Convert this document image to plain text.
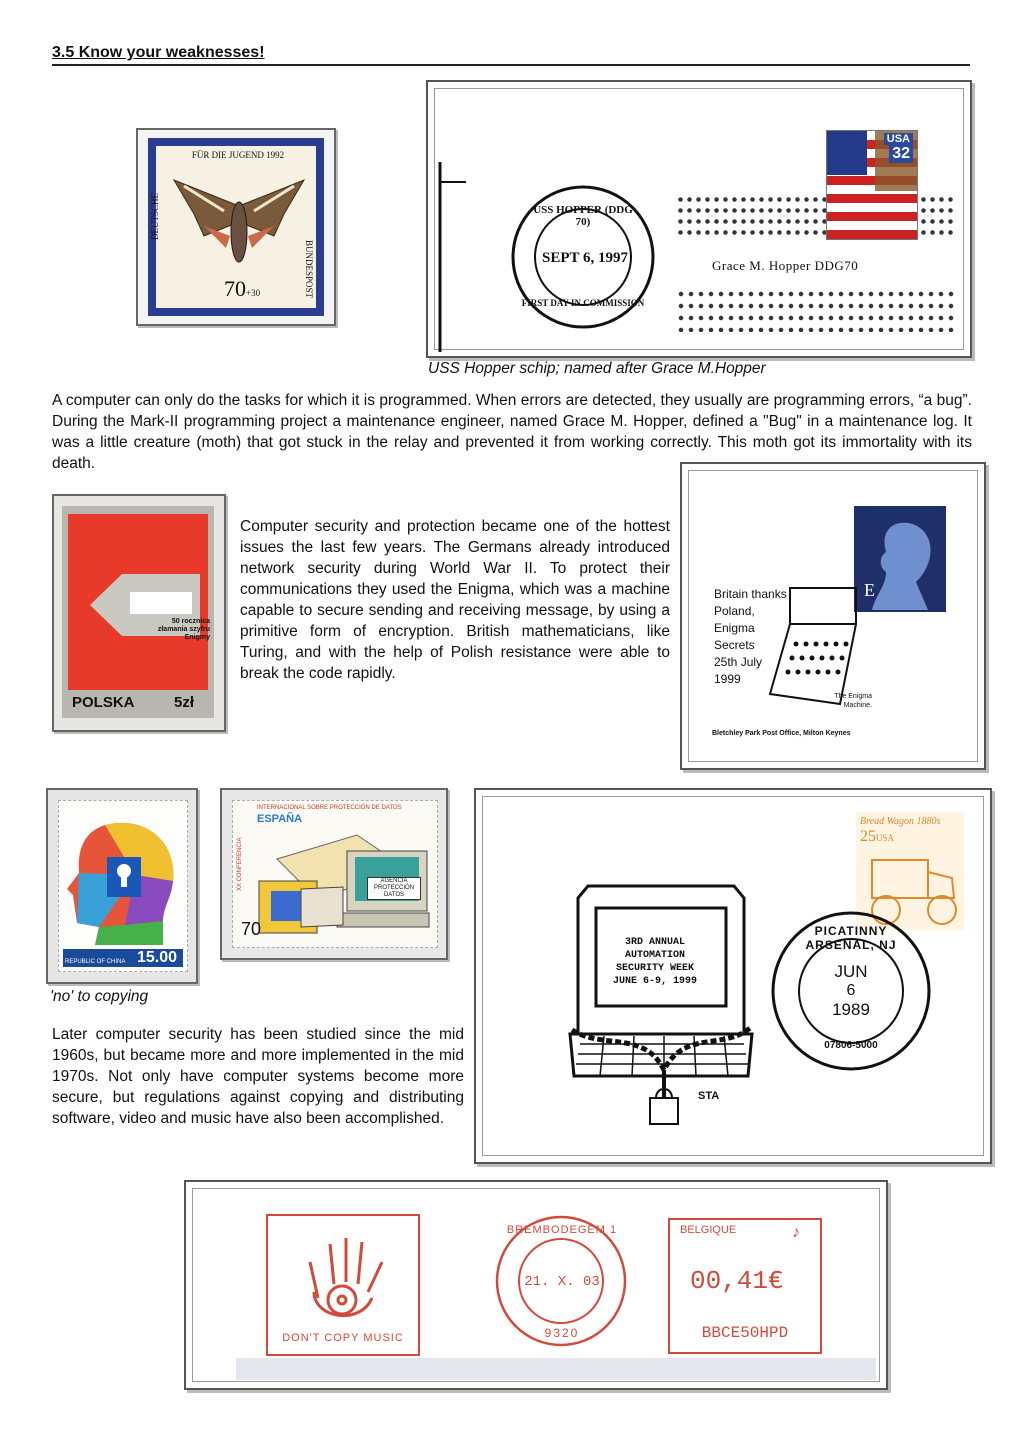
3.5 Know your weaknesses!
FÜR DIE JUGEND 1992
DEUTSCHE
BUNDESPOST
70+30
USS HOPPER (DDG 70)
SEPT 6, 1997
FIRST DAY IN COMMISSION
Grace M. Hopper DDG70
USA
32
USS Hopper schip; named after Grace M.Hopper
A computer can only do the tasks for which it is programmed. When errors are detected, they usually are programming errors, “a bug”. During the Mark-II programming project a maintenance engineer, named Grace M. Hopper, defined a "Bug" in a maintenance log. It was a little creature (moth) that got stuck in the relay and prevented it from working correctly. This moth got its immortality with its death.
50 rocznica złamania szyfru Enigmy
POLSKA	5zł
Computer security and protection became one of the hottest issues the last few years. The Germans already introduced network security during World War II. To protect their communications they used the Enigma, which was a machine capable to secure sending and receiving message, by using a primitive form of encryption. British mathematicians, like Turing, and with the help of Polish resistance were able to break the code rapidly.
E
Britain thanks
Poland,
Enigma
Secrets
25th July
1999
The Enigma Machine.
Bletchley Park Post Office, Milton Keynes
REPUBLIC OF CHINA 15.00
INTERNACIONAL SOBRE PROTECCIÓN DE DATOS
ESPAÑA
XX CONFERENCIA	AGENCIA PROTECCIÓN DATOS
70
'no' to copying
Later computer security has been studied since the mid 1960s, but became more and more implemented in the mid 1970s. Not only have computer systems become more secure, but regulations against copying and distributing software, video and music have also been accomplished.
3RD ANNUAL
AUTOMATION
SECURITY WEEK
JUNE 6-9, 1999
STA
Bread Wagon 1880s
25USA
PICATINNY ARSENAL, NJ
JUN
6
1989
07806-5000
DON'T COPY MUSIC
BREMBODEGEM 1
21. X. 03
9320
BELGIQUE	♪
00,41€
BBCE50HPD
